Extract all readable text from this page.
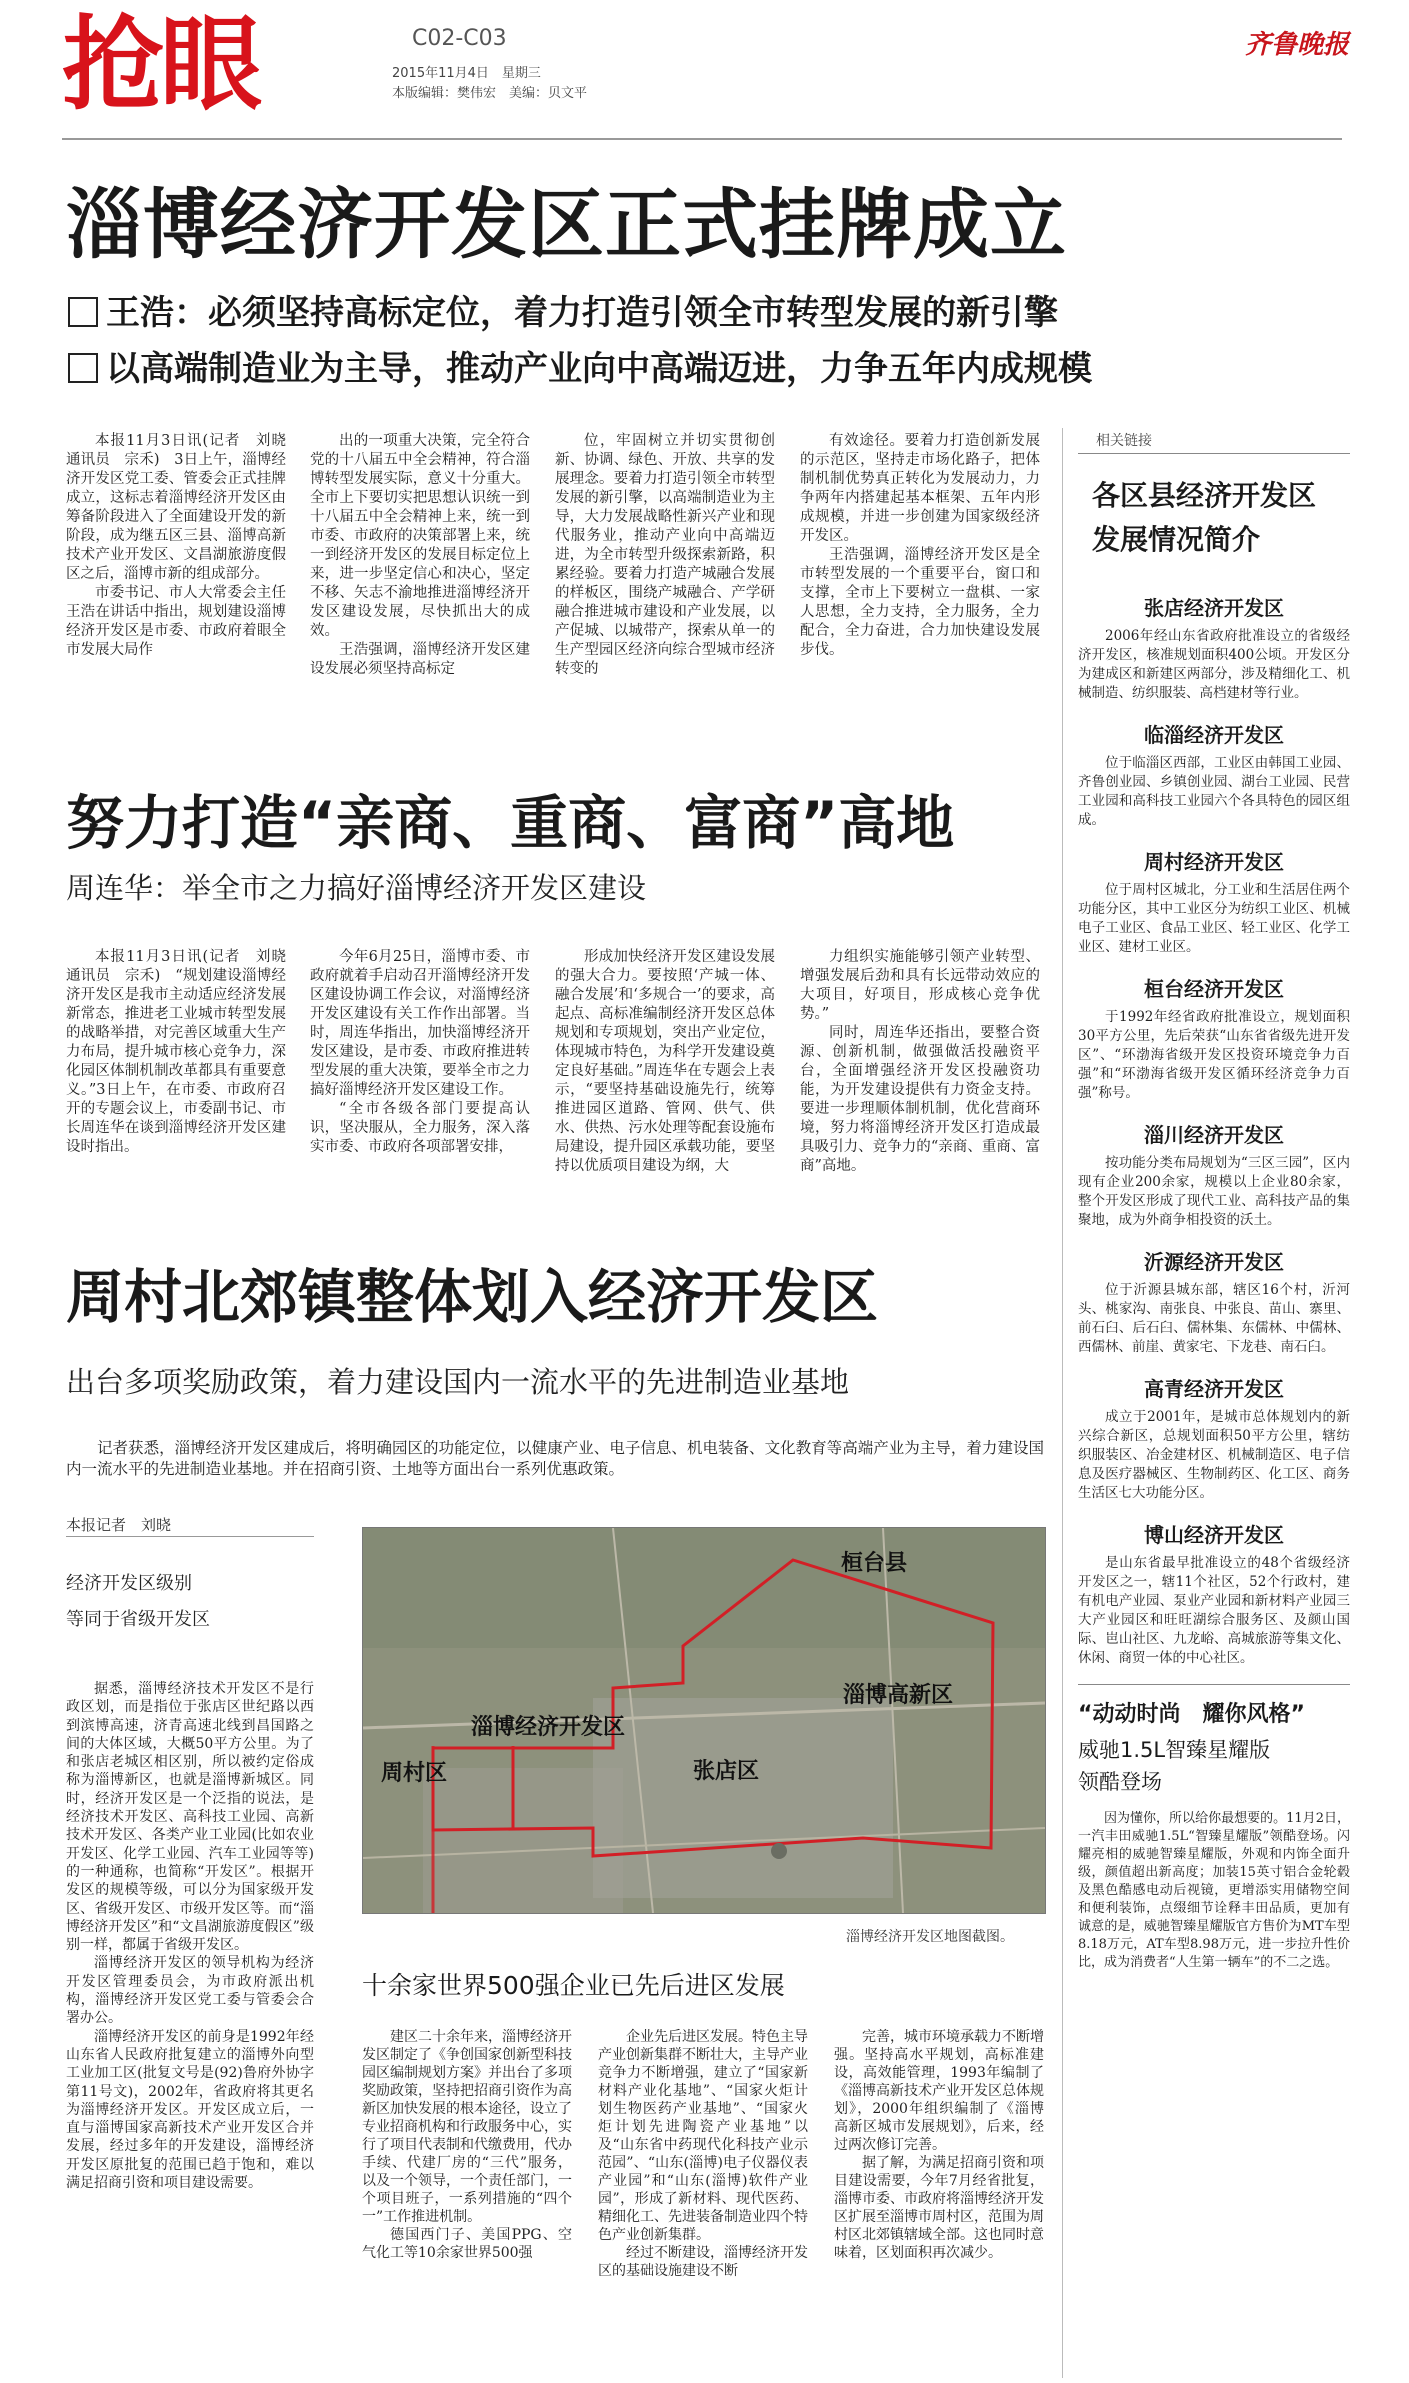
抢眼	C02-C03
2015年11月4日　星期三
本版编辑：樊伟宏　美编：贝文平
齐鲁晚报
淄博经济开发区正式挂牌成立
王浩：必须坚持高标定位，着力打造引领全市转型发展的新引擎
以高端制造业为主导，推动产业向中高端迈进，力争五年内成规模

本报11月3日讯(记者　刘晓　通讯员　宗禾)　3日上午，淄博经济开发区党工委、管委会正式挂牌成立，这标志着淄博经济开发区由筹备阶段进入了全面建设开发的新阶段，成为继五区三县、淄博高新技术产业开发区、文昌湖旅游度假区之后，淄博市新的组成部分。

市委书记、市人大常委会主任王浩在讲话中指出，规划建设淄博经济开发区是市委、市政府着眼全市发展大局作

出的一项重大决策，完全符合党的十八届五中全会精神，符合淄博转型发展实际，意义十分重大。全市上下要切实把思想认识统一到十八届五中全会精神上来，统一到市委、市政府的决策部署上来，统一到经济开发区的发展目标定位上来，进一步坚定信心和决心，坚定不移、矢志不渝地推进淄博经济开发区建设发展，尽快抓出大的成效。

王浩强调，淄博经济开发区建设发展必须坚持高标定

位，牢固树立并切实贯彻创新、协调、绿色、开放、共享的发展理念。要着力打造引领全市转型发展的新引擎，以高端制造业为主导，大力发展战略性新兴产业和现代服务业，推动产业向中高端迈进，为全市转型升级探索新路，积累经验。要着力打造产城融合发展的样板区，围绕产城融合、产学研融合推进城市建设和产业发展，以产促城、以城带产，探索从单一的生产型园区经济向综合型城市经济转变的

有效途径。要着力打造创新发展的示范区，坚持走市场化路子，把体制机制优势真正转化为发展动力，力争两年内搭建起基本框架、五年内形成规模，并进一步创建为国家级经济开发区。

王浩强调，淄博经济开发区是全市转型发展的一个重要平台，窗口和支撑，全市上下要树立一盘棋、一家人思想，全力支持，全力服务，全力配合，全力奋进，合力加快建设发展步伐。

努力打造“亲商、重商、富商”高地
周连华：举全市之力搞好淄博经济开发区建设

本报11月3日讯(记者　刘晓　通讯员　宗禾)　“规划建设淄博经济开发区是我市主动适应经济发展新常态，推进老工业城市转型发展的战略举措，对完善区域重大生产力布局，提升城市核心竞争力，深化园区体制机制改革都具有重要意义。”3日上午，在市委、市政府召开的专题会议上，市委副书记、市长周连华在谈到淄博经济开发区建设时指出。

今年6月25日，淄博市委、市政府就着手启动召开淄博经济开发区建设协调工作会议，对淄博经济开发区建设有关工作作出部署。当时，周连华指出，加快淄博经济开发区建设，是市委、市政府推进转型发展的重大决策，要举全市之力搞好淄博经济开发区建设工作。

“全市各级各部门要提高认识，坚决服从，全力服务，深入落实市委、市政府各项部署安排，

形成加快经济开发区建设发展的强大合力。要按照‘产城一体、融合发展’和‘多规合一’的要求，高起点、高标准编制经济开发区总体规划和专项规划，突出产业定位，体现城市特色，为科学开发建设奠定良好基础。”周连华在专题会上表示，“要坚持基础设施先行，统筹推进园区道路、管网、供气、供水、供热、污水处理等配套设施布局建设，提升园区承载功能，要坚持以优质项目建设为纲，大

力组织实施能够引领产业转型、增强发展后劲和具有长远带动效应的大项目，好项目，形成核心竞争优势。”

同时，周连华还指出，要整合资源、创新机制，做强做活投融资平台，全面增强经济开发区投融资功能，为开发建设提供有力资金支持。要进一步理顺体制机制，优化营商环境，努力将淄博经济开发区打造成最具吸引力、竞争力的“亲商、重商、富商”高地。

周村北郊镇整体划入经济开发区
出台多项奖励政策，着力建设国内一流水平的先进制造业基地

记者获悉，淄博经济开发区建成后，将明确园区的功能定位，以健康产业、电子信息、机电装备、文化教育等高端产业为主导，着力建设国内一流水平的先进制造业基地。并在招商引资、土地等方面出台一系列优惠政策。

本报记者　刘晓
经济开发区级别
等同于省级开发区

据悉，淄博经济技术开发区不是行政区划，而是指位于张店区世纪路以西到滨博高速，济青高速北线到昌国路之间的大体区域，大概50平方公里。为了和张店老城区相区别，所以被约定俗成称为淄博新区，也就是淄博新城区。同时，经济开发区是一个泛指的说法，是经济技术开发区、高科技工业园、高新技术开发区、各类产业工业园(比如农业开发区、化学工业园、汽车工业园等等)的一种通称，也简称“开发区”。根据开发区的规模等级，可以分为国家级开发区、省级开发区、市级开发区等。而“淄博经济开发区”和“文昌湖旅游度假区”级别一样，都属于省级开发区。

淄博经济开发区的领导机构为经济开发区管理委员会，为市政府派出机构，淄博经济开发区党工委与管委会合署办公。

淄博经济开发区的前身是1992年经山东省人民政府批复建立的淄博外向型工业加工区(批复文号是(92)鲁府外协字第11号文)，2002年，省政府将其更名为淄博经济开发区。开发区成立后，一直与淄博国家高新技术产业开发区合并发展，经过多年的开发建设，淄博经济开发区原批复的范围已趋于饱和，难以满足招商引资和项目建设需要。

桓台县
淄博高新区
淄博经济开发区
周村区	张店区
淄博经济开发区地图截图。
十余家世界500强企业已先后进区发展

建区二十余年来，淄博经济开发区制定了《争创国家创新型科技园区编制规划方案》并出台了多项奖励政策，坚持把招商引资作为高新区加快发展的根本途径，设立了专业招商机构和行政服务中心，实行了项目代表制和代缴费用，代办手续、代建厂房的“三代”服务，以及一个领导，一个责任部门，一个项目班子，一系列措施的“四个一”工作推进机制。

德国西门子、美国PPG、空气化工等10余家世界500强

企业先后进区发展。特色主导产业创新集群不断壮大，主导产业竞争力不断增强，建立了“国家新材料产业化基地”、“国家火炬计划生物医药产业基地”、“国家火炬计划先进陶瓷产业基地”以及“山东省中药现代化科技产业示范园”、“山东(淄博)电子仪器仪表产业园”和“山东(淄博)软件产业园”，形成了新材料、现代医药、精细化工、先进装备制造业四个特色产业创新集群。

经过不断建设，淄博经济开发区的基础设施建设不断

完善，城市环境承载力不断增强。坚持高水平规划，高标准建设，高效能管理，1993年编制了《淄博高新技术产业开发区总体规划》，2000年组织编制了《淄博高新区城市发展规划》，后来，经过两次修订完善。

据了解，为满足招商引资和项目建设需要，今年7月经省批复，淄博市委、市政府将淄博经济开发区扩展至淄博市周村区，范围为周村区北郊镇辖域全部。这也同时意味着，区划面积再次减少。

相关链接
各区县经济开发区
发展情况简介
张店经济开发区
2006年经山东省政府批准设立的省级经济开发区，核准规划面积400公顷。开发区分为建成区和新建区两部分，涉及精细化工、机械制造、纺织服装、高档建材等行业。
临淄经济开发区
位于临淄区西部，工业区由韩国工业园、齐鲁创业园、乡镇创业园、湖台工业园、民营工业园和高科技工业园六个各具特色的园区组成。
周村经济开发区
位于周村区城北，分工业和生活居住两个功能分区，其中工业区分为纺织工业区、机械电子工业区、食品工业区、轻工业区、化学工业区、建材工业区。
桓台经济开发区
于1992年经省政府批准设立，规划面积30平方公里，先后荣获“山东省省级先进开发区”、“环渤海省级开发区投资环境竞争力百强”和“环渤海省级开发区循环经济竞争力百强”称号。
淄川经济开发区
按功能分类布局规划为“三区三园”，区内现有企业200余家，规模以上企业80余家，整个开发区形成了现代工业、高科技产品的集聚地，成为外商争相投资的沃土。
沂源经济开发区
位于沂源县城东部，辖区16个村，沂河头、桃家沟、南张良、中张良、苗山、寨里、前石臼、后石臼、儒林集、东儒林、中儒林、西儒林、前崖、黄家宅、下龙巷、南石臼。
高青经济开发区
成立于2001年，是城市总体规划内的新兴综合新区，总规划面积50平方公里，辖纺织服装区、冶金建材区、机械制造区、电子信息及医疗器械区、生物制药区、化工区、商务生活区七大功能分区。
博山经济开发区
是山东省最早批准设立的48个省级经济开发区之一，辖11个社区，52个行政村，建有机电产业园、泵业产业园和新材料产业园三大产业园区和旺旺湖综合服务区、及颜山国际、岜山社区、九龙峪、高城旅游等集文化、休闲、商贸一体的中心社区。
“动动时尚　耀你风格”
威驰1.5L智臻星耀版
领酷登场
因为懂你，所以给你最想要的。11月2日，一汽丰田威驰1.5L“智臻星耀版”领酷登场。闪耀亮相的威驰智臻星耀版，外观和内饰全面升级，颜值超出新高度；加装15英寸铝合金轮毂及黑色酷感电动后视镜，更增添实用储物空间和便利装饰，点缀细节诠释丰田品质，更加有诚意的是，威驰智臻星耀版官方售价为MT车型8.18万元，AT车型8.98万元，进一步拉升性价比，成为消费者“人生第一辆车”的不二之选。
